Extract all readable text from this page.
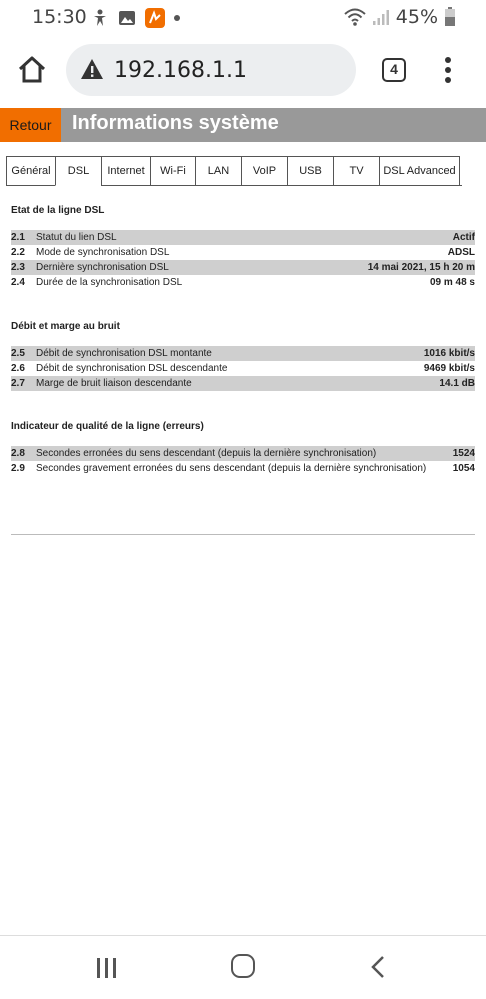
15:30	45%
192.168.1.1	4
Retour	Informations système
Général	DSL	Internet	Wi-Fi	LAN	VoIP	USB	TV	DSL Advanced
Etat de la ligne DSL
2.1 Statut du lien DSL	Actif
2.2 Mode de synchronisation DSL	ADSL
2.3 Dernière synchronisation DSL	14 mai 2021, 15 h 20 m
2.4 Durée de la synchronisation DSL	09 m 48 s
Débit et marge au bruit
2.5 Débit de synchronisation DSL montante	1016 kbit/s
2.6 Débit de synchronisation DSL descendante	9469 kbit/s
2.7 Marge de bruit liaison descendante	14.1 dB
Indicateur de qualité de la ligne (erreurs)
2.8 Secondes erronées du sens descendant (depuis la dernière synchronisation)	1524
2.9 Secondes gravement erronées du sens descendant (depuis la dernière synchronisation)	1054
